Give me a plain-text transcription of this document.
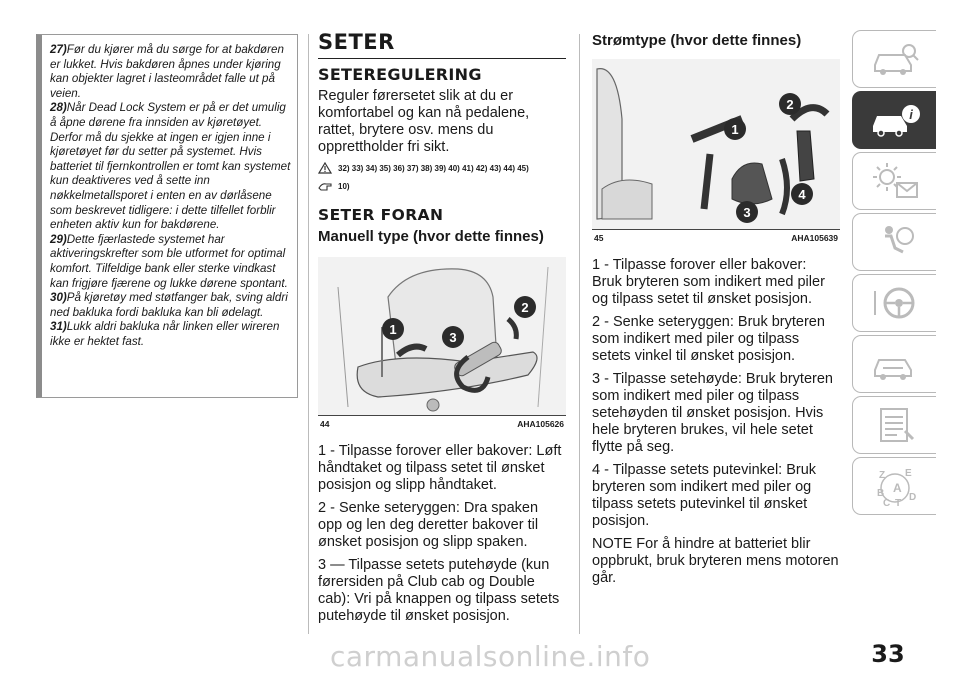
27)Før du kjører må du sørge for at bakdøren er lukket. Hvis bakdøren åpnes under kjøring kan objekter lagret i lasteområdet falle ut på veien.

28)Når Dead Lock System er på er det umulig å åpne dørene fra innsiden av kjøretøyet. Derfor må du sjekke at ingen er igjen inne i kjøretøyet før du setter på systemet. Hvis batteriet til fjernkontrollen er tomt kan systemet kun deaktiveres ved å sette inn nøkkelmetallsporet i enten en av dørlåsene som beskrevet tidligere: i dette tilfellet forblir enheten aktiv kun for bakdørene.

29)Dette fjærlastede systemet har aktiveringskrefter som ble utformet for optimal komfort. Tilfeldige bank eller sterke vindkast kan frigjøre fjærene og lukke dørene spontant.

30)På kjøretøy med støtfanger bak, sving aldri ned bakluka fordi bakluka kan bli ødelagt.

31)Lukk aldri bakluka når linken eller wireren ikke er hektet fast.

SETER
SETEREGULERING
Reguler førersetet slik at du er komfortabel og kan nå pedalene, rattet, brytere osv. mens du opprettholder fri sikt.
32) 33) 34) 35) 36) 37) 38) 39) 40) 41) 42) 43) 44) 45)
10)
SETER FORAN
Manuell type (hvor dette finnes)
1
2
3
44	AHA105626
1 - Tilpasse forover eller bakover: Løft håndtaket og tilpass setet til ønsket posisjon og slipp håndtaket.
2 - Senke seteryggen: Dra spaken opp og len deg deretter bakover til ønsket posisjon og slipp spaken.
3 — Tilpasse setets putehøyde (kun førersiden på Club cab og Double cab): Vri på knappen og tilpass setets putehøyde til ønsket posisjon.
Strømtype (hvor dette finnes)
1
2
3
4
45	AHA105639
1 - Tilpasse forover eller bakover: Bruk bryteren som indikert med piler og tilpass setet til ønsket posisjon.
2 - Senke seteryggen: Bruk bryteren som indikert med piler og tilpass setets vinkel til ønsket posisjon.
3 - Tilpasse setehøyde: Bruk bryteren som indikert med piler og tilpass setehøyden til ønsket posisjon. Hvis hele bryteren brukes, vil hele setet flytte på seg.
4 - Tilpasse setets putevinkel: Bruk bryteren som indikert med piler og tilpass setets putevinkel til ønsket posisjon.
NOTE For å hindre at batteriet blir oppbrukt, bruk bryteren mens motoren går.
i
Z E
B A
C T
D
33
carmanualsonline.info
